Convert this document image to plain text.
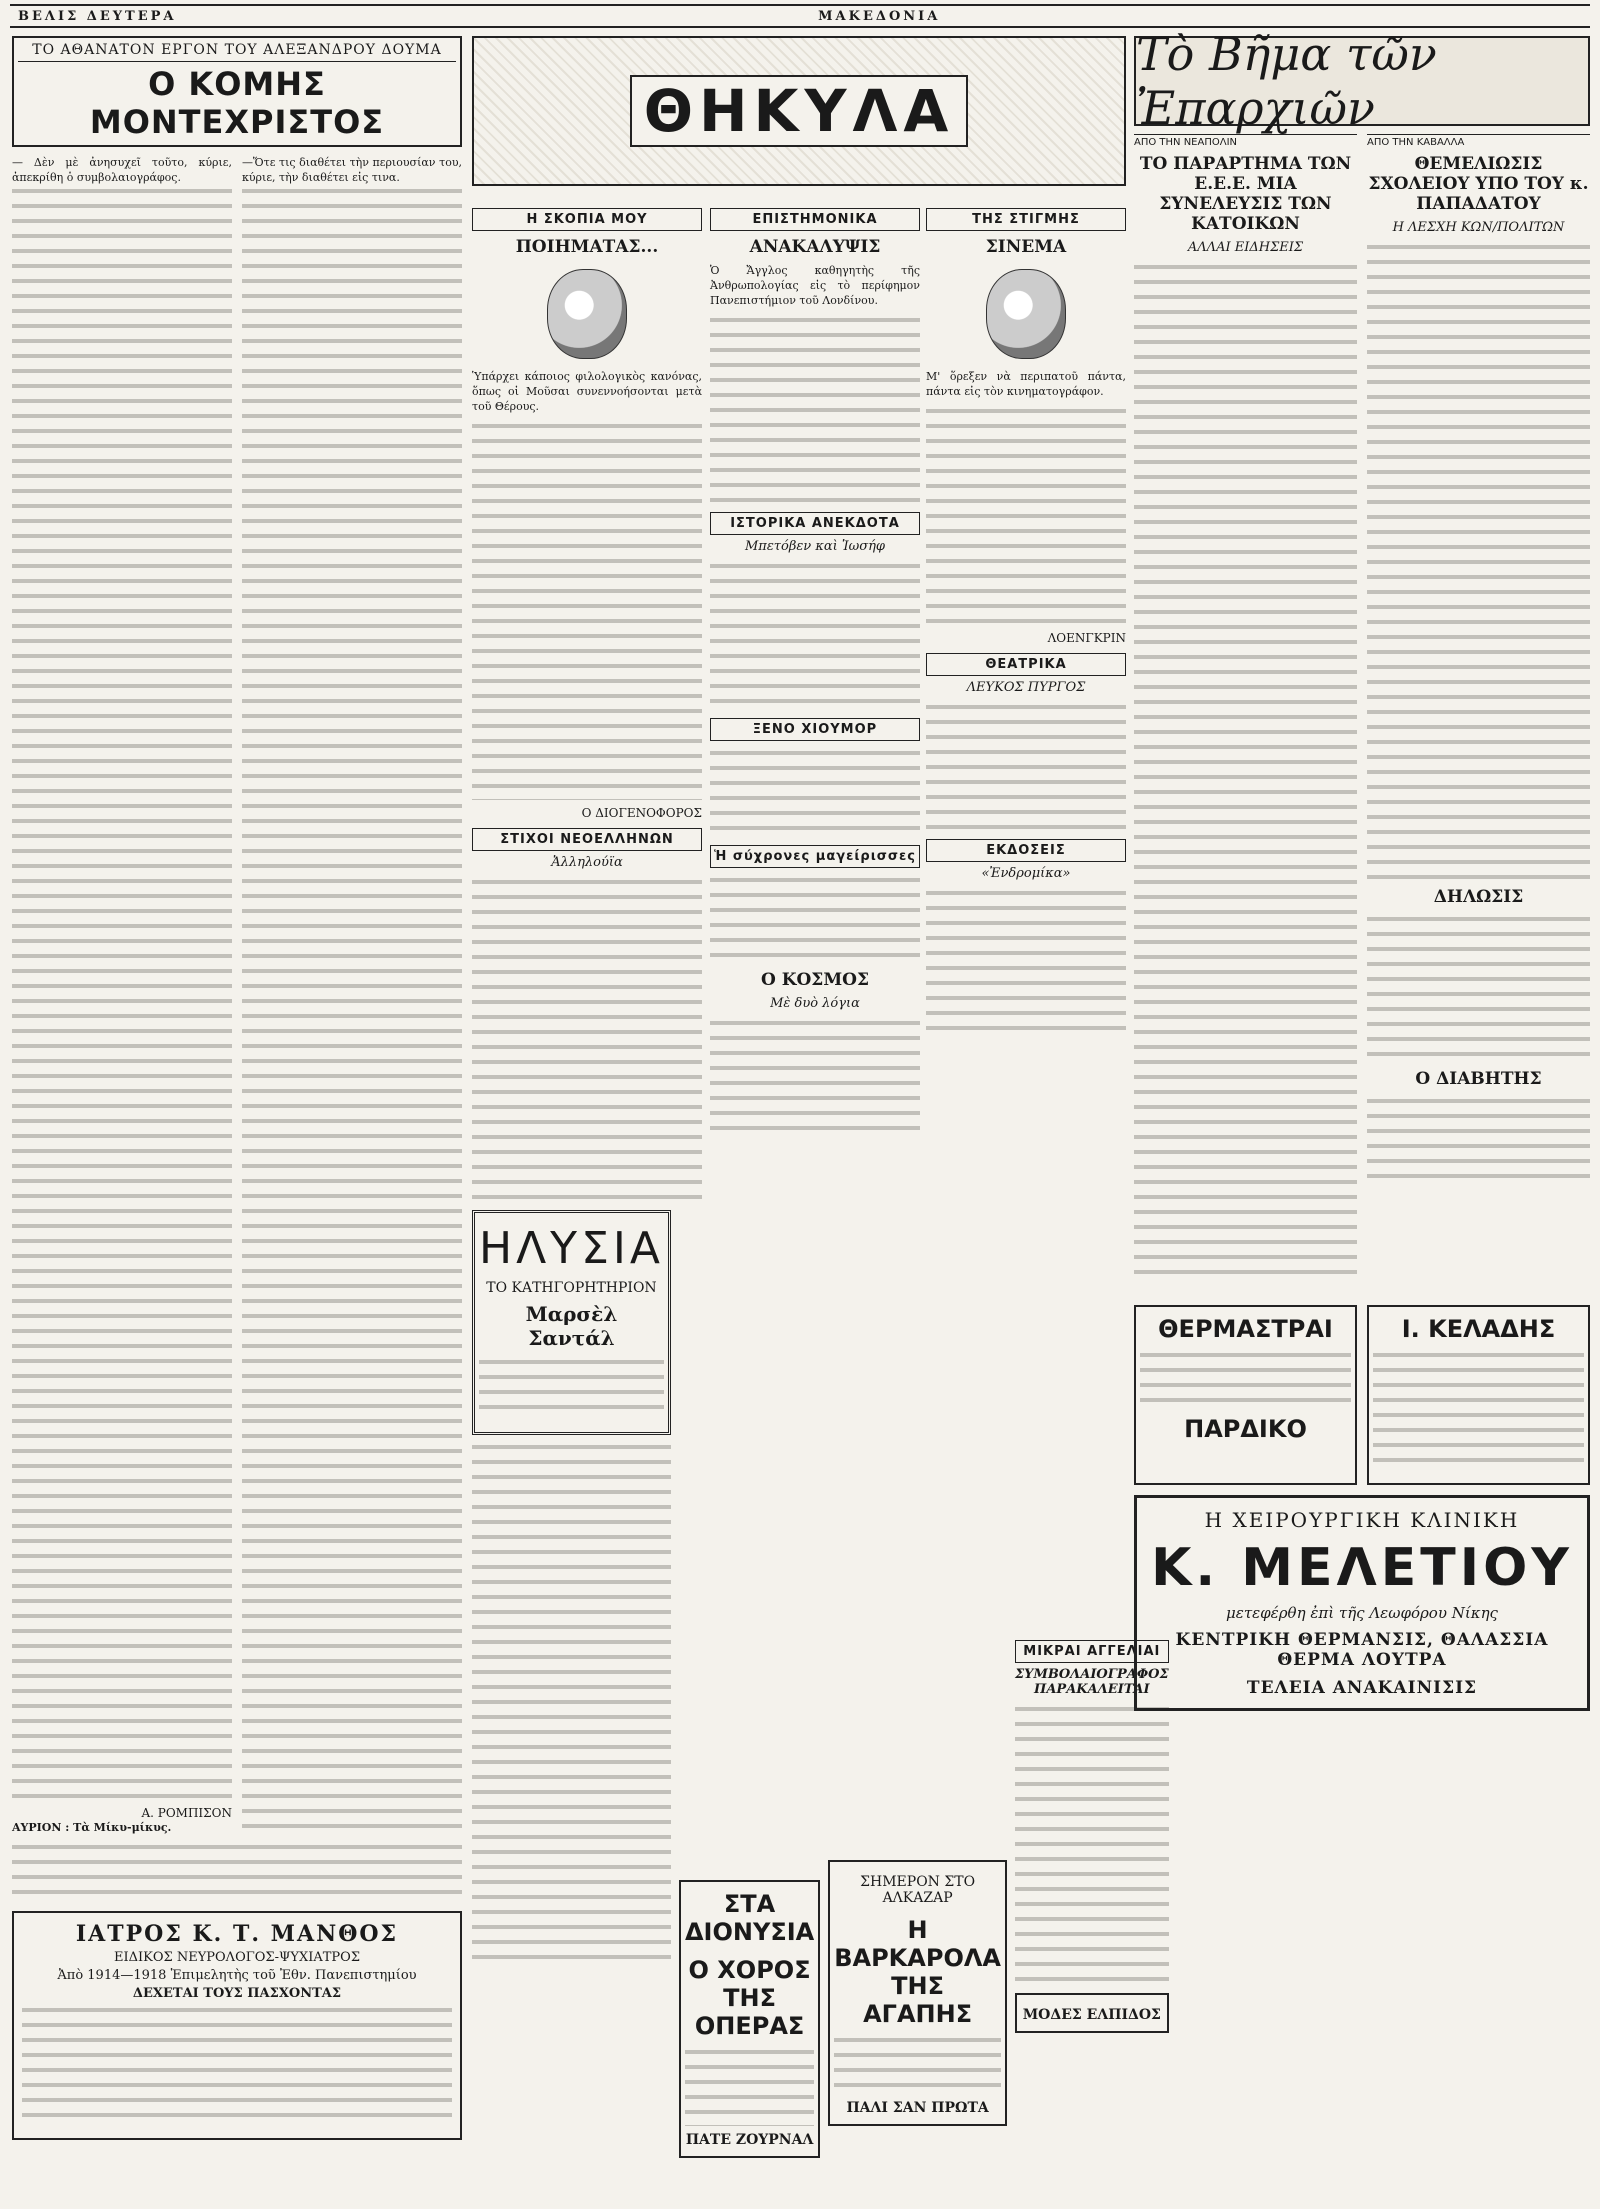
ΒΕΛΙΣ ΔΕΥΤΕΡΑ	ΜΑΚΕΔΟΝΙΑ
ΤΟ ΑΘΑΝΑΤΟΝ ΕΡΓΟΝ ΤΟΥ ΑΛΕΞΑΝΔΡΟΥ ΔΟΥΜΑ
Ο ΚΟΜΗΣ ΜΟΝΤΕΧΡΙΣΤΟΣ

— Δὲν μὲ ἀνησυχεῖ τοῦτο, κύριε, ἀπεκρίθη ὁ συμβολαιογράφος.

Α. ΡΟΜΠΙΣΟΝ
ΑΥΡΙΟΝ : Τὰ Μίκυ-μίκυς.

—Ὅτε τις διαθέτει τὴν περιουσίαν του, κύριε, τὴν διαθέτει εἰς τινα.

ΙΑΤΡΟΣ Κ. Τ. ΜΑΝΘΟΣ
ΕΙΔΙΚΟΣ ΝΕΥΡΟΛΟΓΟΣ-ΨΥΧΙΑΤΡΟΣ
Ἀπὸ 1914—1918 Ἐπιμελητὴς τοῦ Ἐθν. Πανεπιστημίου
ΔΕΧΕΤΑΙ ΤΟΥΣ ΠΑΣΧΟΝΤΑΣ
ΘΗΚΥΛΑ
Η ΣΚΟΠΙΑ ΜΟΥ
ΠΟΙΗΜΑΤΑΣ...
Ὑπάρχει κάποιος φιλολογικὸς κανόνας, ὅπως οἱ Μοῦσαι συνεννοήσονται μετὰ τοῦ Θέρους.
Ο ΔΙΟΓΕΝΟΦΟΡΟΣ
ΣΤΙΧΟΙ ΝΕΟΕΛΛΗΝΩΝ
Ἀλληλούϊα
ΕΠΙΣΤΗΜΟΝΙΚΑ
ΑΝΑΚΑΛΥΨΙΣ
Ὁ Ἄγγλος καθηγητὴς τῆς Ἀνθρωπολογίας εἰς τὸ περίφημον Πανεπιστήμιον τοῦ Λονδίνου.
ΙΣΤΟΡΙΚΑ ΑΝΕΚΔΟΤΑ
Μπετόβεν καὶ Ἰωσήφ
ΞΕΝΟ ΧΙΟΥΜΟΡ
Ἡ σύχρονες μαγείρισσες
Ο ΚΟΣΜΟΣ
Μὲ δυὸ λόγια
ΤΗΣ ΣΤΙΓΜΗΣ
ΣΙΝΕΜΑ
Μ' ὅρεξεν νὰ περιπατοῦ πάντα, πάντα εἰς τὸν κινηματογράφον.
ΛΟΕΝΓΚΡΙΝ
ΘΕΑΤΡΙΚΑ
ΛΕΥΚΟΣ ΠΥΡΓΟΣ
ΕΚΔΟΣΕΙΣ
«Ἐνδρομίκα»
ΗΛΥΣΙΑ
ΤΟ ΚΑΤΗΓΟΡΗΤΗΡΙΟΝ
Μαρσὲλ Σαντάλ
ΣΤΑ ΔΙΟΝΥΣΙΑ
Ο ΧΟΡΟΣ ΤΗΣ ΟΠΕΡΑΣ
ΠΑΤΕ ΖΟΥΡΝΑΛ
ΣΗΜΕΡΟΝ ΣΤΟ ΑΛΚΑΖΑΡ
Η ΒΑΡΚΑΡΟΛΑ ΤΗΣ ΑΓΑΠΗΣ
ΠΑΛΙ ΣΑΝ ΠΡΩΤΑ
ΜΙΚΡΑΙ ΑΓΓΕΛΙΑΙ
ΣΥΜΒΟΛΑΙΟΓΡΑΦΟΣ ΠΑΡΑΚΑΛΕΙΤΑΙ
ΜΟΔΕΣ ΕΛΠΙΔΟΣ
Τὸ Βῆμα τῶν Ἐπαρχιῶν
ΑΠΟ ΤΗΝ ΝΕΑΠΟΛΙΝ
ΤΟ ΠΑΡΑΡΤΗΜΑ ΤΩΝ Ε.Ε.Ε. ΜΙΑ ΣΥΝΕΛΕΥΣΙΣ ΤΩΝ ΚΑΤΟΙΚΩΝ
ΑΛΛΑΙ ΕΙΔΗΣΕΙΣ
ΑΠΟ ΤΗΝ ΚΑΒΑΛΛΑ
ΘΕΜΕΛΙΩΣΙΣ ΣΧΟΛΕΙΟΥ ΥΠΟ ΤΟΥ κ. ΠΑΠΑΔΑΤΟΥ
Η ΛΕΣΧΗ ΚΩΝ/ΠΟΛΙΤΩΝ
ΔΗΛΩΣΙΣ
Ο ΔΙΑΒΗΤΗΣ
ΘΕΡΜΑΣΤΡΑΙ
ΠΑΡΔΙΚΟ
Ι. ΚΕΛΑΔΗΣ
Η ΧΕΙΡΟΥΡΓΙΚΗ ΚΛΙΝΙΚΗ
Κ. ΜΕΛΕΤΙΟΥ
μετεφέρθη ἐπὶ τῆς Λεωφόρου Νίκης
ΚΕΝΤΡΙΚΗ ΘΕΡΜΑΝΣΙΣ, ΘΑΛΑΣΣΙΑ ΘΕΡΜΑ ΛΟΥΤΡΑ
ΤΕΛΕΙΑ ΑΝΑΚΑΙΝΙΣΙΣ
